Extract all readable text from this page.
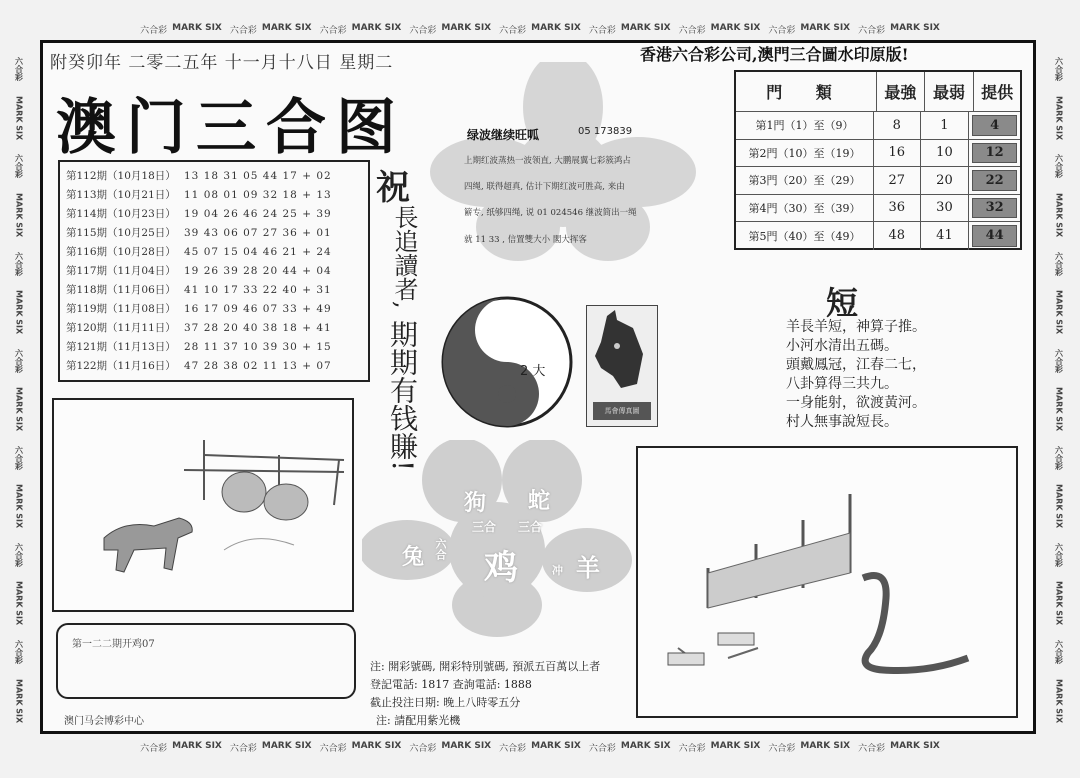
六合彩 MARK SIX 六合彩 MARK SIX 六合彩 MARK SIX 六合彩 MARK SIX 六合彩 MARK SIX 六合彩 MARK SIX 六合彩 MARK SIX 六合彩 MARK SIX 六合彩 MARK SIX
六合彩 MARK SIX 六合彩 MARK SIX 六合彩 MARK SIX 六合彩 MARK SIX 六合彩 MARK SIX 六合彩 MARK SIX 六合彩 MARK SIX 六合彩 MARK SIX 六合彩 MARK SIX
六合彩
MARK SIX
六合彩
MARK SIX
六合彩
MARK SIX
六合彩
MARK SIX
六合彩
MARK SIX
六合彩
MARK SIX
六合彩
MARK SIX
六合彩
MARK SIX
六合彩
MARK SIX
六合彩
MARK SIX
六合彩
MARK SIX
六合彩
MARK SIX
六合彩
MARK SIX
六合彩
MARK SIX
附癸卯年 二零二五年 十一月十八日 星期二	香港六合彩公司,澳門三合圖水印原版!
澳门三合图
第112期（10月18日） 13 18 31 05 44 17 + 02
第113期（10月21日） 11 08 01 09 32 18 + 13
第114期（10月23日） 19 04 26 46 24 25 + 39
第115期（10月25日） 39 43 06 07 27 36 + 01
第116期（10月28日） 45 07 15 04 46 21 + 24
第117期（11月04日） 19 26 39 28 20 44 + 04
第118期（11月06日） 41 10 17 33 22 40 + 31
第119期（11月08日） 16 17 09 46 07 33 + 49
第120期（11月11日） 37 28 20 40 38 18 + 41
第121期（11月13日） 28 11 37 10 39 30 + 15
第122期（11月16日） 47 28 38 02 11 13 + 07
祝
長追讀者,
期期有钱賺!
绿波继续旺呱	05 173839
上期红波蒸热一波领直, 大鹏展翼七彩簇鸿占
四绳, 联得超真, 估计下期红波可胜高, 来由
簖专, 纸够四绳, 说 01 024546 继波简出一绳
就 11 33 , 信置雙大小 閣大挥客
門 類	最強	最弱	提供
第1門（1）至（9）	8	1	4
第2門（10）至（19）	16	10	12
第3門（20）至（29）	27	20	22
第4門（30）至（39）	36	30	32
第5門（40）至（49）	48	41	44
5
2 大
馬會傳真圖
短
羊長羊短，神算子推。
小河水清出五碼。
頭戴鳳冠，江春二七，
八卦算得三共九。
一身能射，欲渡黃河。
村人無事說短長。
狗 蛇
兔 鸡 羊
三合 三合
六合
冲
第一二二期开鸡07
澳门马会博彩中心
注: 開彩號碼, 開彩特別號碼, 預派五百萬以上者
登記電話: 1817 查詢電話: 1888
截止投注日期: 晚上八時零五分
注: 請配用紫光機
